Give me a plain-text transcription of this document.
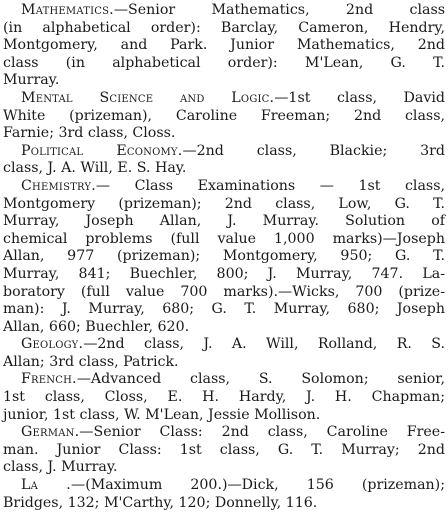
Mathematics.—Senior Mathematics, 2nd class
(in alphabetical order): Barclay, Cameron, Hendry,
Montgomery, and Park. Junior Mathematics, 2nd
class (in alphabetical order): M'Lean, G. T.
Murray.

Mental Science and Logic.—1st class, David
White (prizeman), Caroline Freeman; 2nd class,
Farnie; 3rd class, Closs.

Political Economy.—2nd class, Blackie; 3rd
class, J. A. Will, E. S. Hay.

Chemistry.— Class Examinations — 1st class,
Montgomery (prizeman); 2nd class, Low, G. T.
Murray, Joseph Allan, J. Murray. Solution of
chemical problems (full value 1,000 marks)—Joseph
Allan, 977 (prizeman); Montgomery, 950; G. T.
Murray, 841; Buechler, 800; J. Murray, 747. La-
boratory (full value 700 marks).—Wicks, 700 (prize-
man): J. Murray, 680; G. T. Murray, 680; Joseph
Allan, 660; Buechler, 620.

Geology.—2nd class, J. A. Will, Rolland, R. S.
Allan; 3rd class, Patrick.

French.—Advanced class, S. Solomon; senior,
1st class, Closs, E. H. Hardy, J. H. Chapman;
junior, 1st class, W. M'Lean, Jessie Mollison.

German.—Senior Class: 2nd class, Caroline Free-
man. Junior Class: 1st class, G. T. Murray; 2nd
class, J. Murray.

La .—(Maximum 200.)—Dick, 156 (prizeman);
Bridges, 132; M'Carthy, 120; Donnelly, 116.
